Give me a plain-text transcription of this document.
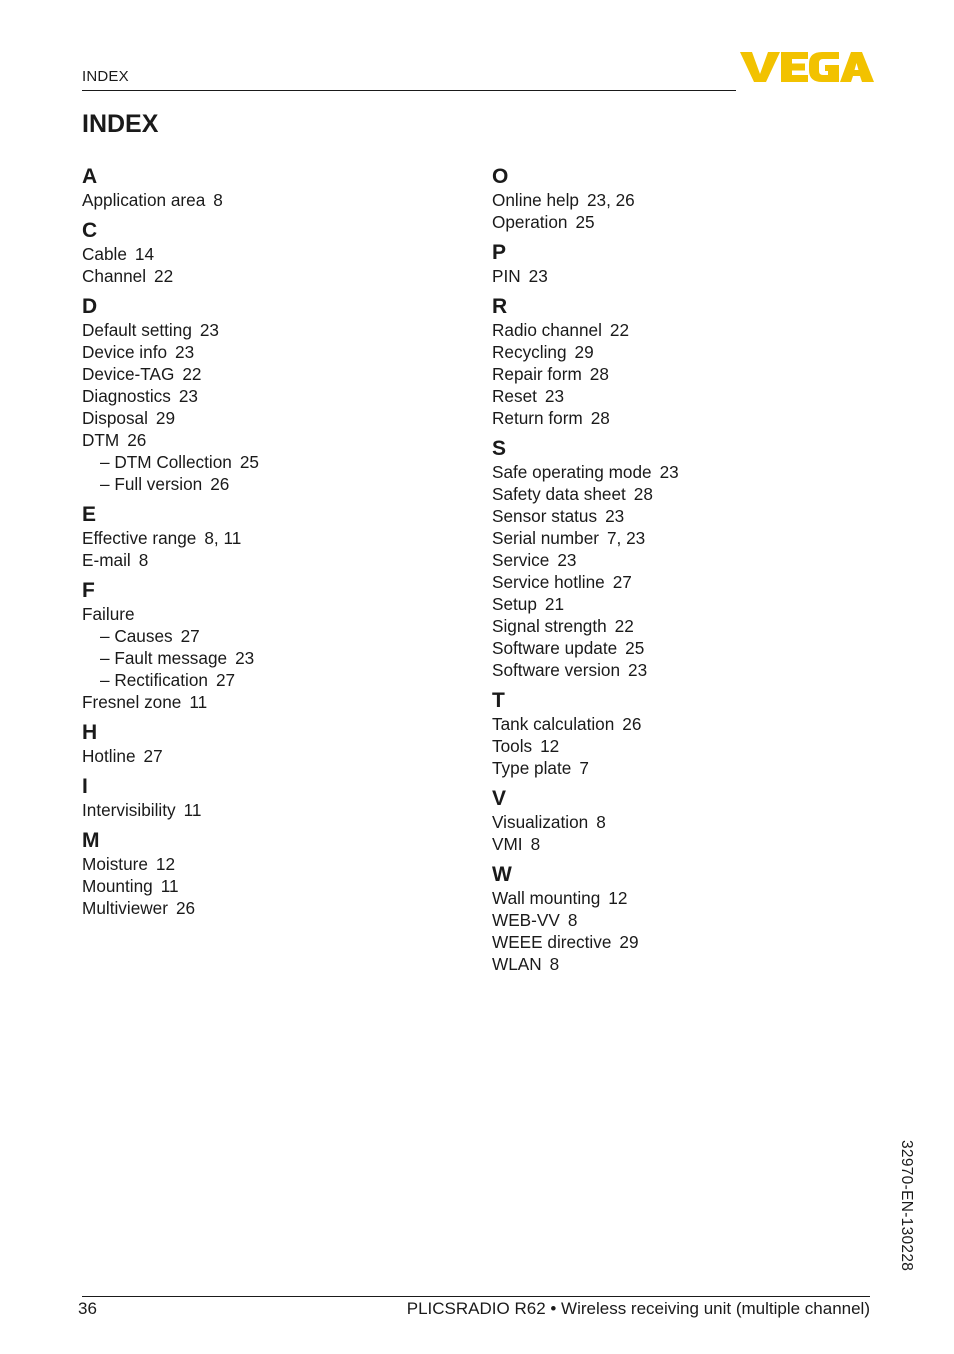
INDEX
INDEX
A
Application area 8
C
Cable 14
Channel 22
D
Default setting 23
Device info 23
Device-TAG 22
Diagnostics 23
Disposal 29
DTM 26
– DTM Collection 25
– Full version 26
E
Effective range 8, 11
E-mail 8
F
Failure
– Causes 27
– Fault message 23
– Rectification 27
Fresnel zone 11
H
Hotline 27
I
Intervisibility 11
M
Moisture 12
Mounting 11
Multiviewer 26
O
Online help 23, 26
Operation 25
P
PIN 23
R
Radio channel 22
Recycling 29
Repair form 28
Reset 23
Return form 28
S
Safe operating mode 23
Safety data sheet 28
Sensor status 23
Serial number 7, 23
Service 23
Service hotline 27
Setup 21
Signal strength 22
Software update 25
Software version 23
T
Tank calculation 26
Tools 12
Type plate 7
V
Visualization 8
VMI 8
W
Wall mounting 12
WEB-VV 8
WEEE directive 29
WLAN 8
32970-EN-130228
36	PLICSRADIO R62 • Wireless receiving unit (multiple channel)
